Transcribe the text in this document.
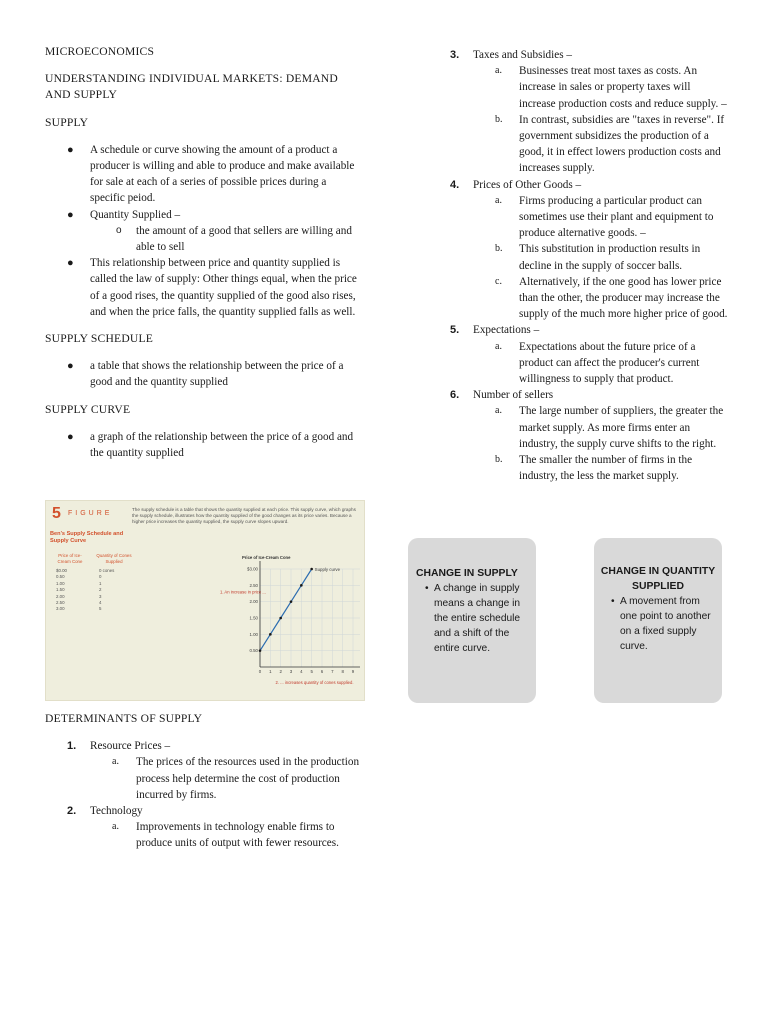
MICROECONOMICS

UNDERSTANDING INDIVIDUAL MARKETS: DEMAND AND SUPPLY

SUPPLY

● A schedule or curve showing the amount of a product a producer is willing and able to produce and make available for sale at each of a series of possible prices during a specific peiod.
● Quantity Supplied –
o the amount of a good that sellers are willing and able to sell
● This relationship between price and quantity supplied is called the law of supply: Other things equal, when the price of a good rises, the quantity supplied of the good also rises, and when the price falls, the quantity supplied falls as well.

SUPPLY SCHEDULE

● a table that shows the relationship between the price of a good and the quantity supplied

SUPPLY CURVE

● a graph of the relationship between the price of a good and the quantity supplied
5 FIGURE
The supply schedule is a table that shows the quantity supplied at each price. This supply curve, which graphs the supply schedule, illustrates how the quantity supplied of the good changes as its price varies. Because a higher price increases the quantity supplied, the supply curve slopes upward.
Ben's Supply Schedule and Supply Curve
Price of Ice-Cream Cone
Quantity of Cones Supplied
$0.00	0 cones
0.50	0
1.00	1
1.50	2
2.00	3
2.50	4
3.00	5
0 1 2 3 4 5 6 7 8 9
0.50
1.00
1.50
2.00
2.50
$3.00
Price of Ice-Cream Cone
Supply curve
1. An increase in price ...
2. ... increases quantity of cones supplied.

DETERMINANTS OF SUPPLY

1. Resource Prices –
a. The prices of the resources used in the production process help determine the cost of production incurred by firms.
2. Technology
a. Improvements in technology enable firms to produce units of output with fewer resources.
3. Taxes and Subsidies –
a. Businesses treat most taxes as costs. An increase in sales or property taxes will increase production costs and reduce supply. –
b. In contrast, subsidies are "taxes in reverse". If government subsidizes the production of a good, it in effect lowers production costs and increases supply.
4. Prices of Other Goods –
a. Firms producing a particular product can sometimes use their plant and equipment to produce alternative goods. –
b. This substitution in production results in decline in the supply of soccer balls.
c. Alternatively, if the one good has lower price than the other, the producer may increase the supply of the much more higher price of good.
5. Expectations –
a. Expectations about the future price of a product can affect the producer's current willingness to supply that product.
6. Number of sellers
a. The large number of suppliers, the greater the market supply. As more firms enter an industry, the supply curve shifts to the right.
b. The smaller the number of firms in the industry, the less the market supply.
CHANGE IN SUPPLY
• A change in supply means a change in the entire schedule and a shift of the entire curve.
CHANGE IN QUANTITY SUPPLIED
• A movement from one point to another on a fixed supply curve.
